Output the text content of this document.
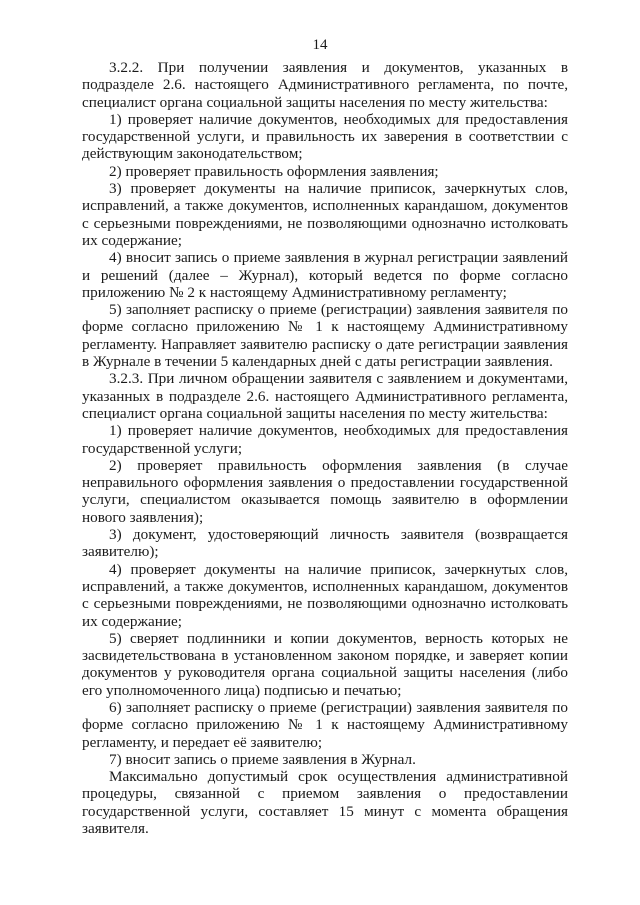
14

3.2.2. При получении заявления и документов, указанных в подразделе 2.6. настоящего Административного регламента, по почте, специалист органа социальной защиты населения по месту жительства:

1) проверяет наличие документов, необходимых для предоставления государственной услуги, и правильность их заверения в соответствии с действующим законодательством;

2) проверяет правильность оформления заявления;

3) проверяет документы на наличие приписок, зачеркнутых слов, исправлений, а также документов, исполненных карандашом, документов с серьезными повреждениями, не позволяющими однозначно истолковать их содержание;

4) вносит запись о приеме заявления в журнал регистрации заявлений и решений (далее – Журнал), который ведется по форме согласно приложению № 2 к настоящему Административному регламенту;

5) заполняет расписку о приеме (регистрации) заявления заявителя по форме согласно приложению № 1 к настоящему Административному регламенту. Направляет заявителю расписку о дате регистрации заявления в Журнале в течении 5 календарных дней с даты регистрации заявления.

3.2.3. При личном обращении заявителя с заявлением и документами, указанных в подразделе 2.6. настоящего Административного регламента, специалист органа социальной защиты населения по месту жительства:

1) проверяет наличие документов, необходимых для предоставления государственной услуги;

2) проверяет правильность оформления заявления (в случае неправильного оформления заявления о предоставлении государственной услуги, специалистом оказывается помощь заявителю в оформлении нового заявления);

3) документ, удостоверяющий личность заявителя (возвращается заявителю);

4) проверяет документы на наличие приписок, зачеркнутых слов, исправлений, а также документов, исполненных карандашом, документов с серьезными повреждениями, не позволяющими однозначно истолковать их содержание;

5) сверяет подлинники и копии документов, верность которых не засвидетельствована в установленном законом порядке, и заверяет копии документов у руководителя органа социальной защиты населения (либо его уполномоченного лица) подписью и печатью;

6) заполняет расписку о приеме (регистрации) заявления заявителя по форме согласно приложению № 1 к настоящему Административному регламенту, и передает её заявителю;

7) вносит запись о приеме заявления в Журнал.

Максимально допустимый срок осуществления административной процедуры, связанной с приемом заявления о предоставлении государственной услуги, составляет 15 минут с момента обращения заявителя.
